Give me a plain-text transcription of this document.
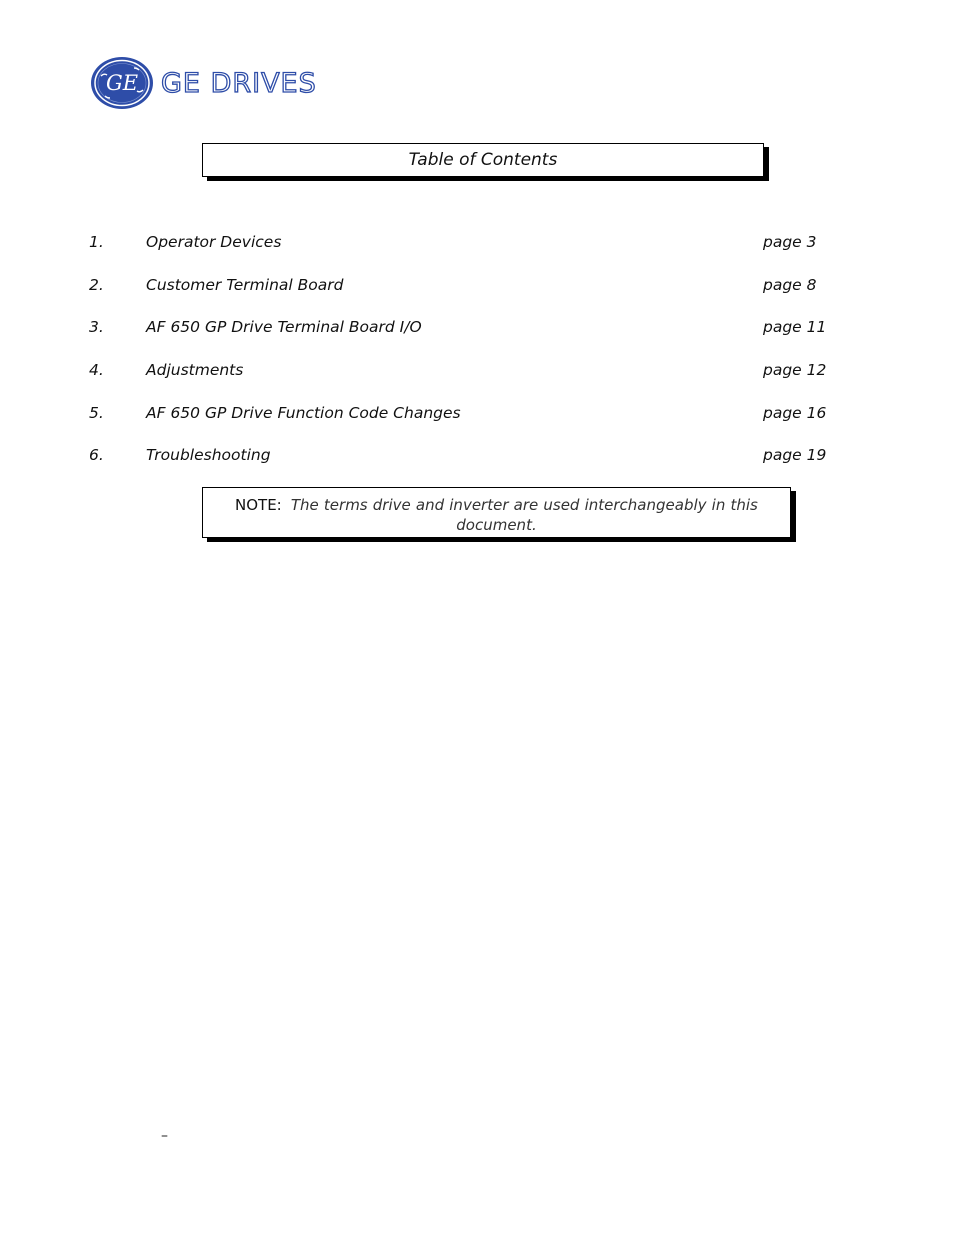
GE GE DRIVES
Table of Contents
1.	Operator Devices	page 3
2.	Customer Terminal Board	page 8
3.	AF 650 GP Drive Terminal Board I/O	page 11
4.	Adjustments	page 12
5.	AF 650 GP Drive Function Code Changes	page 16
6.	Troubleshooting	page 19
NOTE: The terms drive and inverter are used interchangeably in this
document.
–
